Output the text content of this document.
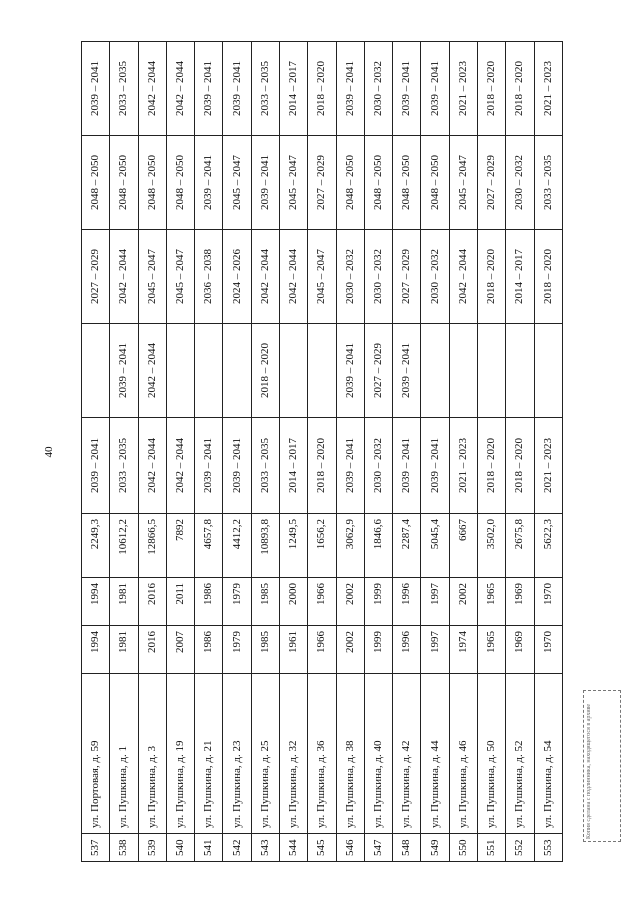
40
537	ул. Портовая, д. 59	1994	1994	2249,3	2039 – 2041		2027 – 2029	2048 – 2050	2039 – 2041
538	ул. Пушкина, д. 1	1981	1981	10612,2	2033 – 2035	2039 – 2041	2042 – 2044	2048 – 2050	2033 – 2035
539	ул. Пушкина, д. 3	2016	2016	12866,5	2042 – 2044	2042 – 2044	2045 – 2047	2048 – 2050	2042 – 2044
540	ул. Пушкина, д. 19	2007	2011	7892	2042 – 2044		2045 – 2047	2048 – 2050	2042 – 2044
541	ул. Пушкина, д. 21	1986	1986	4657,8	2039 – 2041		2036 – 2038	2039 – 2041	2039 – 2041
542	ул. Пушкина, д. 23	1979	1979	4412,2	2039 – 2041		2024 – 2026	2045 – 2047	2039 – 2041
543	ул. Пушкина, д. 25	1985	1985	10893,8	2033 – 2035	2018 – 2020	2042 – 2044	2039 – 2041	2033 – 2035
544	ул. Пушкина, д. 32	1961	2000	1249,5	2014 – 2017		2042 – 2044	2045 – 2047	2014 – 2017
545	ул. Пушкина, д. 36	1966	1966	1656,2	2018 – 2020		2045 – 2047	2027 – 2029	2018 – 2020
546	ул. Пушкина, д. 38	2002	2002	3062,9	2039 – 2041	2039 – 2041	2030 – 2032	2048 – 2050	2039 – 2041
547	ул. Пушкина, д. 40	1999	1999	1846,6	2030 – 2032	2027 – 2029	2030 – 2032	2048 – 2050	2030 – 2032
548	ул. Пушкина, д. 42	1996	1996	2287,4	2039 – 2041	2039 – 2041	2027 – 2029	2048 – 2050	2039 – 2041
549	ул. Пушкина, д. 44	1997	1997	5045,4	2039 – 2041		2030 – 2032	2048 – 2050	2039 – 2041
550	ул. Пушкина, д. 46	1974	2002	6667	2021 – 2023		2042 – 2044	2045 – 2047	2021 – 2023
551	ул. Пушкина, д. 50	1965	1965	3502,0	2018 – 2020		2018 – 2020	2027 – 2029	2018 – 2020
552	ул. Пушкина, д. 52	1969	1969	2675,8	2018 – 2020		2014 – 2017	2030 – 2032	2018 – 2020
553	ул. Пушкина, д. 54	1970	1970	5622,3	2021 – 2023		2018 – 2020	2033 – 2035	2021 – 2023
Копия сделана с подлинника, находящегося в архиве
